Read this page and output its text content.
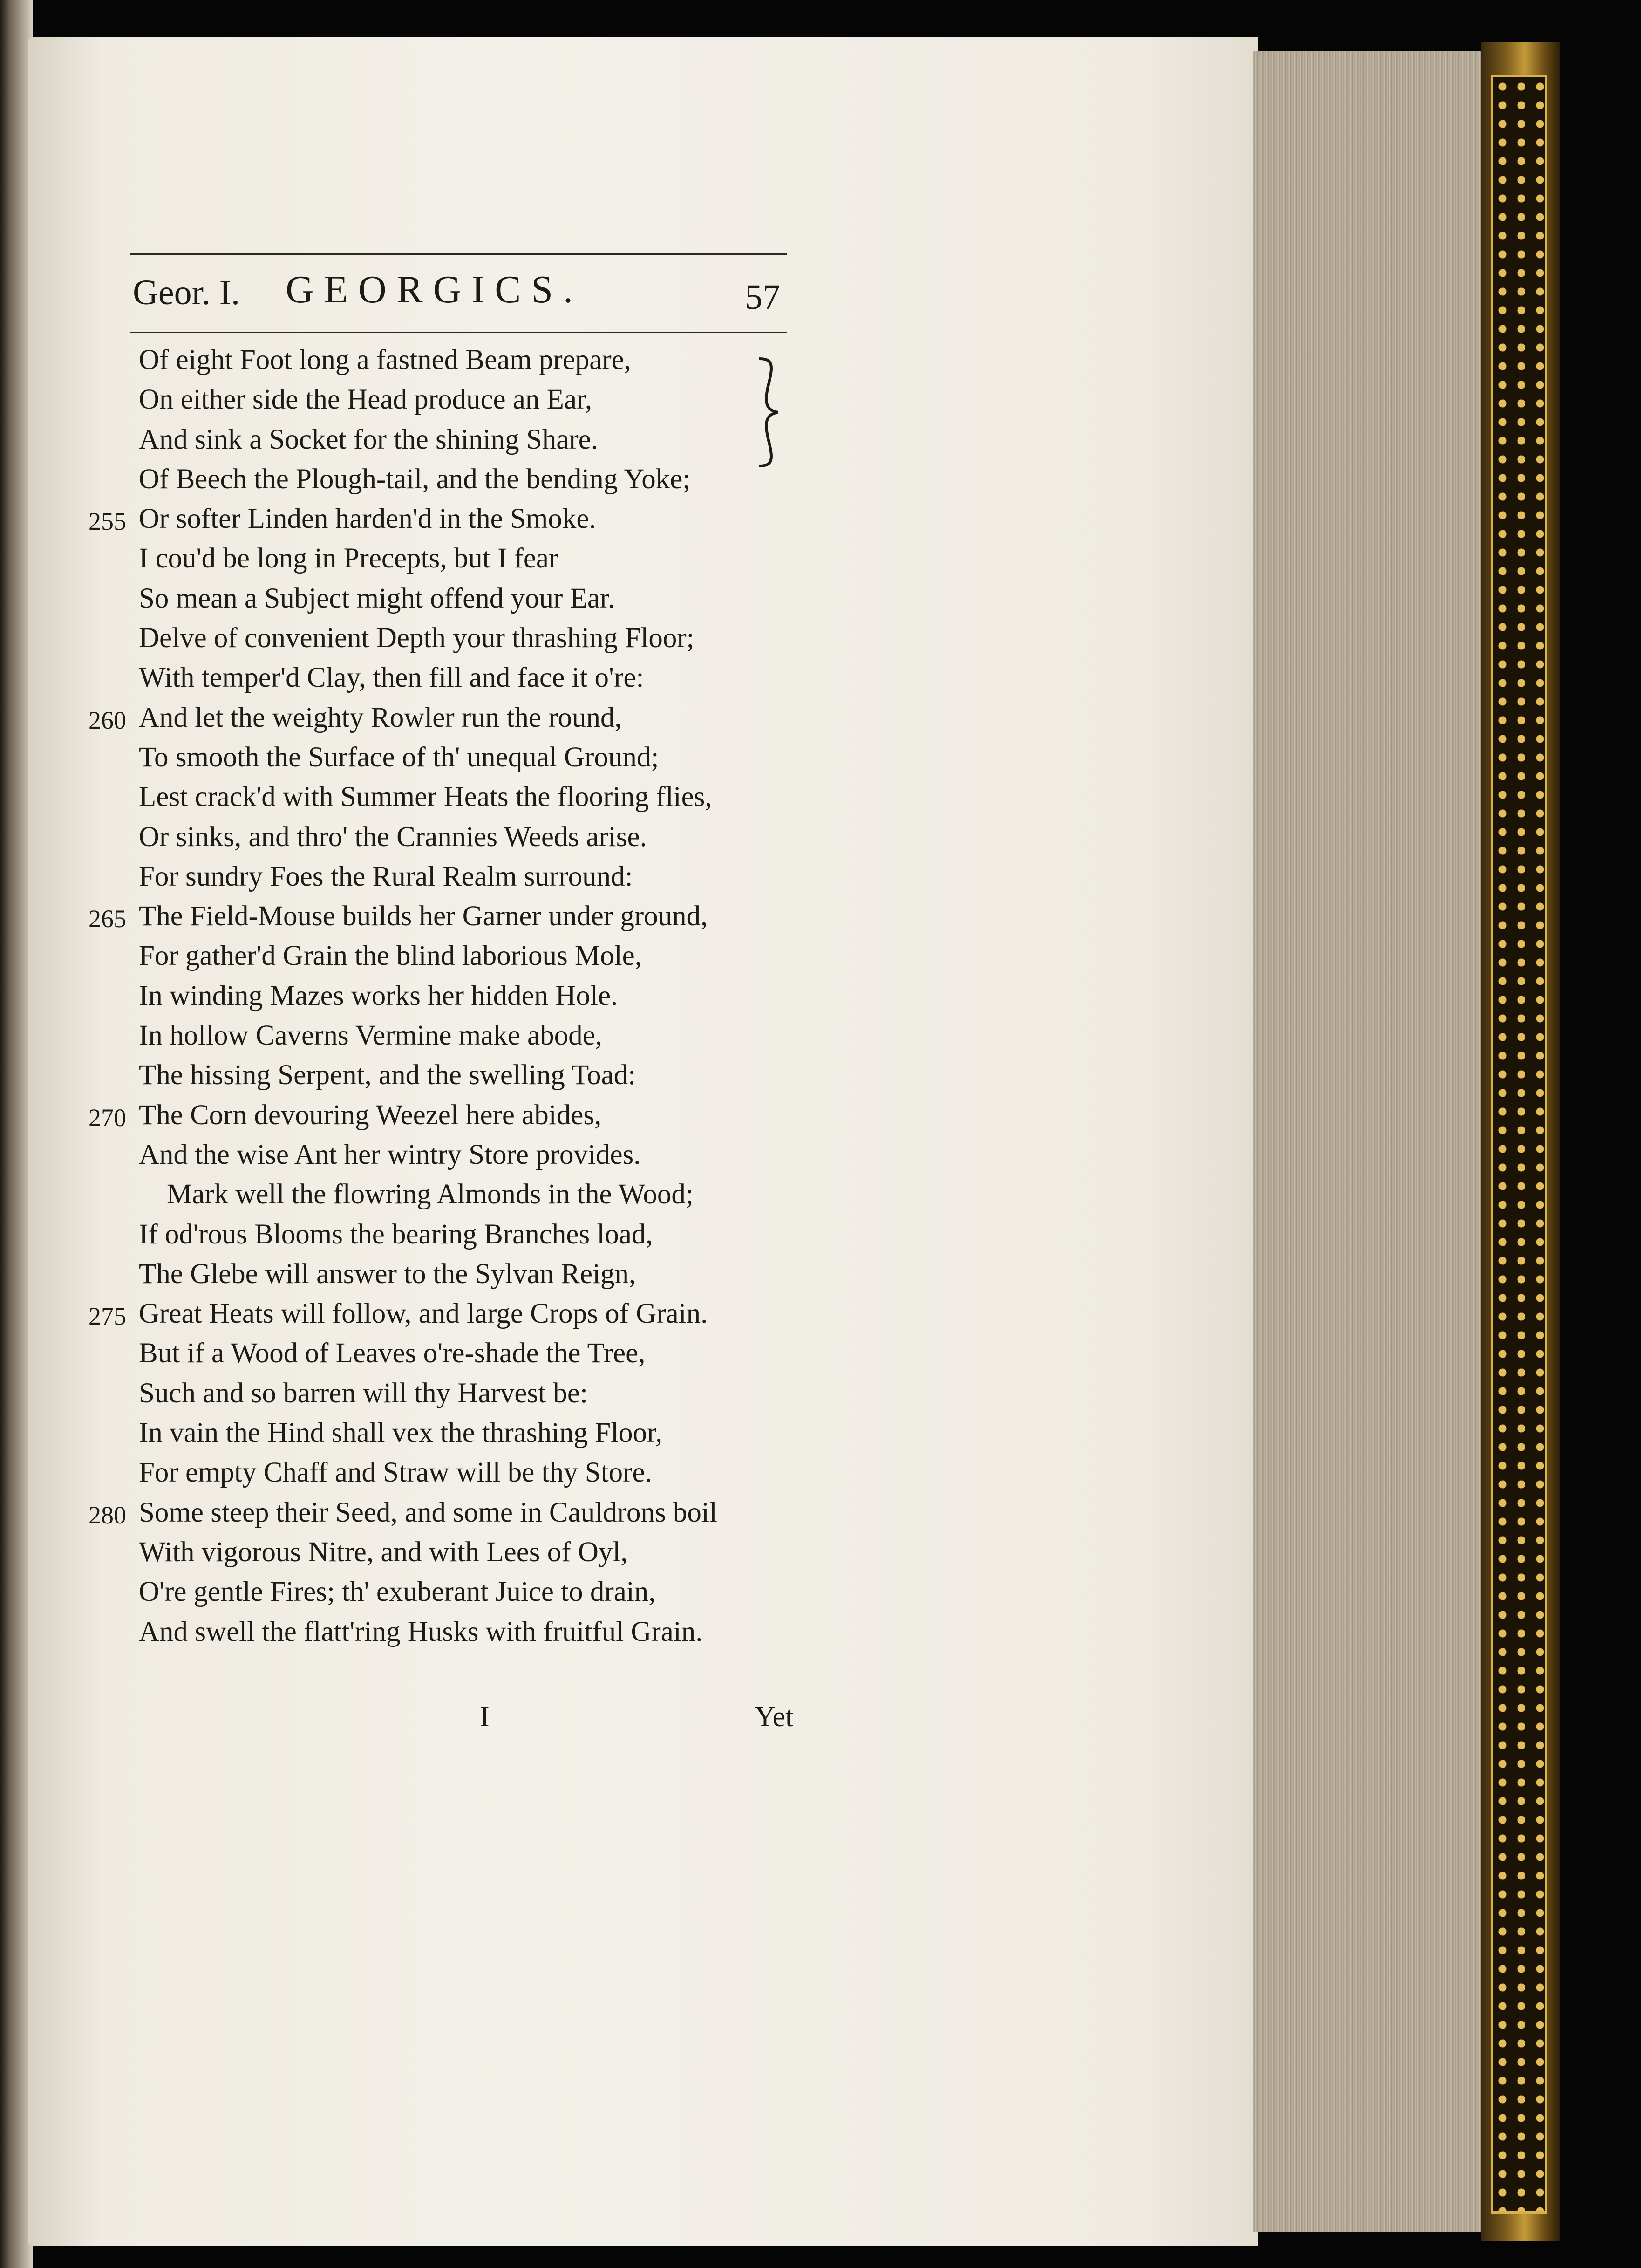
Geor. I. GEORGICS.	57
Of eight Foot long a fastned Beam prepare,
On either side the Head produce an Ear,
And sink a Socket for the shining Share.
Of Beech the Plough-tail, and the bending Yoke;
255 Or softer Linden harden'd in the Smoke.
I cou'd be long in Precepts, but I fear
So mean a Subject might offend your Ear.
Delve of convenient Depth your thrashing Floor;
With temper'd Clay, then fill and face it o're:
260 And let the weighty Rowler run the round,
To smooth the Surface of th' unequal Ground;
Lest crack'd with Summer Heats the flooring flies,
Or sinks, and thro' the Crannies Weeds arise.
For sundry Foes the Rural Realm surround:
265 The Field-Mouse builds her Garner under ground,
For gather'd Grain the blind laborious Mole,
In winding Mazes works her hidden Hole.
In hollow Caverns Vermine make abode,
The hissing Serpent, and the swelling Toad:
270 The Corn devouring Weezel here abides,
And the wise Ant her wintry Store provides.
Mark well the flowring Almonds in the Wood;
If od'rous Blooms the bearing Branches load,
The Glebe will answer to the Sylvan Reign,
275 Great Heats will follow, and large Crops of Grain.
But if a Wood of Leaves o're-shade the Tree,
Such and so barren will thy Harvest be:
In vain the Hind shall vex the thrashing Floor,
For empty Chaff and Straw will be thy Store.
280 Some steep their Seed, and some in Cauldrons boil
With vigorous Nitre, and with Lees of Oyl,
O're gentle Fires; th' exuberant Juice to drain,
And swell the flatt'ring Husks with fruitful Grain.
I	Yet
